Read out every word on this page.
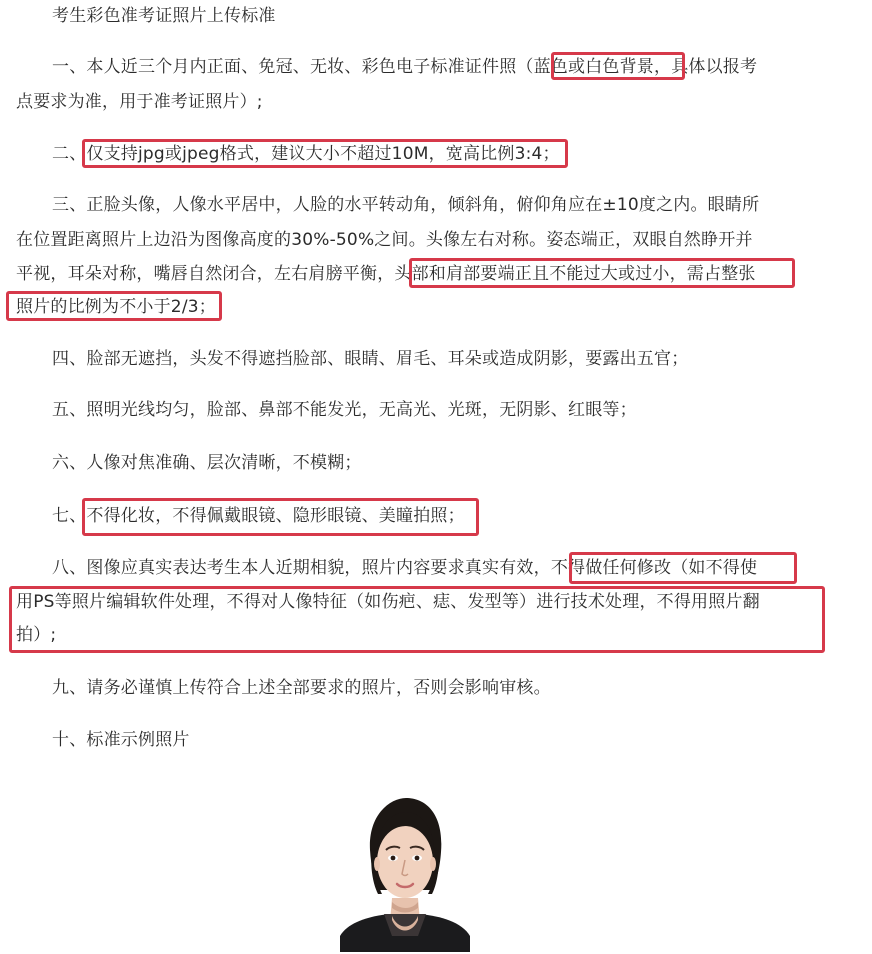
考生彩色准考证照片上传标准
一、本人近三个月内正面、免冠、无妆、彩色电子标准证件照（蓝色或白色背景，具体以报考
点要求为准，用于准考证照片）;
二、仅支持jpg或jpeg格式，建议大小不超过10M，宽高比例3:4；
三、正脸头像，人像水平居中，人脸的水平转动角，倾斜角，俯仰角应在±10度之内。眼睛所
在位置距离照片上边沿为图像高度的30%-50%之间。头像左右对称。姿态端正，双眼自然睁开并
平视，耳朵对称，嘴唇自然闭合，左右肩膀平衡，头部和肩部要端正且不能过大或过小，需占整张
照片的比例为不小于2/3；
四、脸部无遮挡，头发不得遮挡脸部、眼睛、眉毛、耳朵或造成阴影，要露出五官；
五、照明光线均匀，脸部、鼻部不能发光，无高光、光斑，无阴影、红眼等；
六、人像对焦准确、层次清晰，不模糊；
七、不得化妆，不得佩戴眼镜、隐形眼镜、美瞳拍照；
八、图像应真实表达考生本人近期相貌，照片内容要求真实有效，不得做任何修改（如不得使
用PS等照片编辑软件处理，不得对人像特征（如伤疤、痣、发型等）进行技术处理，不得用照片翻
拍）;
九、请务必谨慎上传符合上述全部要求的照片，否则会影响审核。
十、标准示例照片
